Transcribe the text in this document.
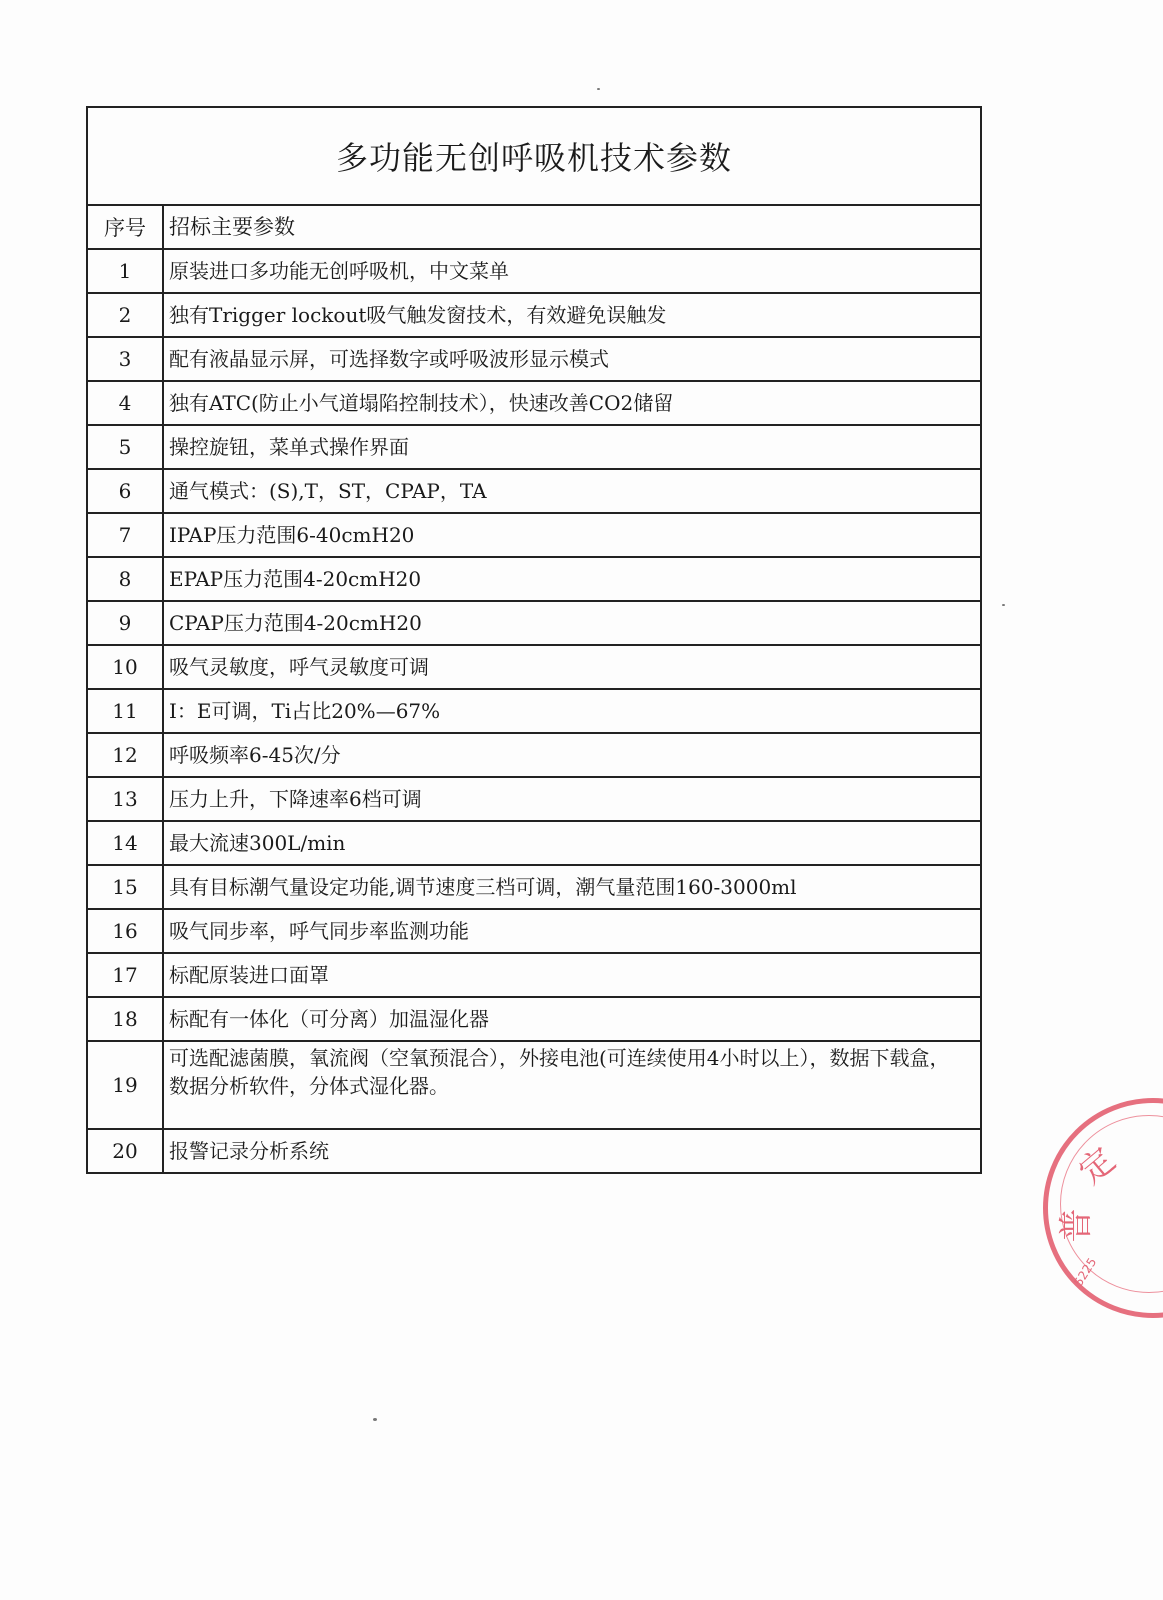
多功能无创呼吸机技术参数	
序号	招标主要参数
1	原装进口多功能无创呼吸机，中文菜单
2	独有Trigger lockout吸气触发窗技术，有效避免误触发
3	配有液晶显示屏，可选择数字或呼吸波形显示模式
4	独有ATC(防止小气道塌陷控制技术），快速改善CO2储留
5	操控旋钮，菜单式操作界面
6	通气模式：(S),T，ST，CPAP，TA
7	IPAP压力范围6-40cmH20
8	EPAP压力范围4-20cmH20
9	CPAP压力范围4-20cmH20
10	吸气灵敏度，呼气灵敏度可调
11	I：E可调，Ti占比20%—67%
12	呼吸频率6-45次/分
13	压力上升，下降速率6档可调
14	最大流速300L/min
15	具有目标潮气量设定功能,调节速度三档可调，潮气量范围160-3000ml
16	吸气同步率，呼气同步率监测功能
17	标配原装进口面罩
18	标配有一体化（可分离）加温湿化器
19	可选配滤菌膜，氧流阀（空氧预混合），外接电池(可连续使用4小时以上），数据下载盒，数据分析软件，分体式湿化器。
20	报警记录分析系统	定
普
5225
